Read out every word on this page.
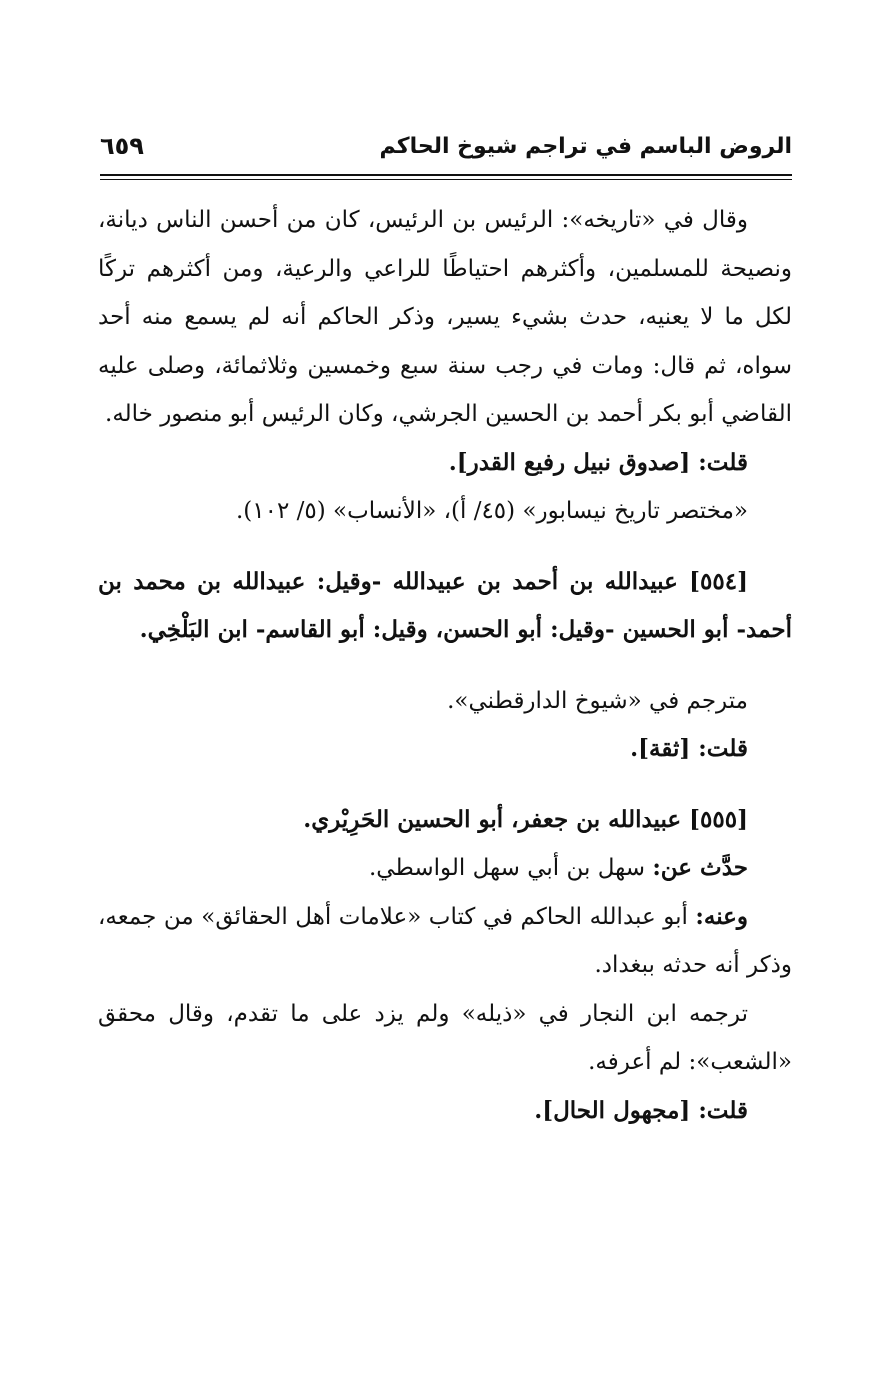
الروض الباسم في تراجم شيوخ الحاكم
٦٥٩

وقال في «تاريخه»: الرئيس بن الرئيس، كان من أحسن الناس ديانة، ونصيحة للمسلمين، وأكثرهم احتياطًا للراعي والرعية، ومن أكثرهم تركًا لكل ما لا يعنيه، حدث بشيء يسير، وذكر الحاكم أنه لم يسمع منه أحد سواه، ثم قال: ومات في رجب سنة سبع وخمسين وثلاثمائة، وصلى عليه القاضي أبو بكر أحمد بن الحسين الجرشي، وكان الرئيس أبو منصور خاله.

قلت: [صدوق نبيل رفيع القدر].

«مختصر تاريخ نيسابور» (٤٥/ أ)، «الأنساب» (٥/ ١٠٢).

[٥٥٤] عبيدالله بن أحمد بن عبيدالله -وقيل: عبيدالله بن محمد بن أحمد- أبو الحسين -وقيل: أبو الحسن، وقيل: أبو القاسم- ابن البَلْخِي.

مترجم في «شيوخ الدارقطني».

قلت: [ثقة].

[٥٥٥] عبيدالله بن جعفر، أبو الحسين الحَرِيْري.

حدَّث عن: سهل بن أبي سهل الواسطي.

وعنه: أبو عبدالله الحاكم في كتاب «علامات أهل الحقائق» من جمعه، وذكر أنه حدثه ببغداد.

ترجمه ابن النجار في «ذيله» ولم يزد على ما تقدم، وقال محقق «الشعب»: لم أعرفه.

قلت: [مجهول الحال].
